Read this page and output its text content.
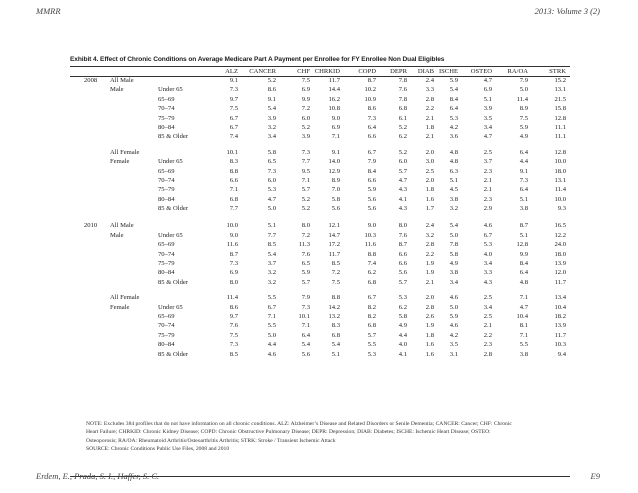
MMRR	2013: Volume 3 (2)
Exhibit 4. Effect of Chronic Conditions on Average Medicare Part A Payment per Enrollee for FY Enrollee Non Dual Eligibles
ALZ	CANCER	CHF CHRKID	COPD	DEPR	DIAB ISCHE	OSTEO	RA/OA	STRK
2008 All Male	9.1	5.2	7.5	11.7	8.7	7.8	2.4	5.9	4.7	7.9	15.2
Male	Under 65	7.3	8.6	6.9	14.4	10.2	7.6	3.3	5.4	6.9	5.0	13.1
65–69	9.7	9.1	9.9	16.2	10.9	7.8	2.8	8.4	5.1	11.4	21.5
70–74	7.5	5.4	7.2	10.8	8.6	6.8	2.2	6.4	3.9	8.9	15.8
75–79	6.7	3.9	6.0	9.0	7.3	6.1	2.1	5.3	3.5	7.5	12.8
80–84	6.7	3.2	5.2	6.9	6.4	5.2	1.8	4.2	3.4	5.9	11.1
85 & Older	7.4	3.4	3.9	7.1	6.6	6.2	2.1	3.6	4.7	4.9	11.1
All Female	10.1	5.8	7.3	9.1	6.7	5.2	2.0	4.8	2.5	6.4	12.8
Female	Under 65	8.3	6.5	7.7	14.0	7.9	6.0	3.0	4.8	3.7	4.4	10.0
65–69	8.8	7.3	9.5	12.9	8.4	5.7	2.5	6.3	2.3	9.1	18.0
70–74	6.6	6.0	7.1	8.9	6.6	4.7	2.0	5.1	2.1	7.3	13.1
75–79	7.1	5.3	5.7	7.0	5.9	4.3	1.8	4.5	2.1	6.4	11.4
80–84	6.8	4.7	5.2	5.8	5.6	4.1	1.6	3.8	2.3	5.1	10.0
85 & Older	7.7	5.0	5.2	5.6	5.6	4.3	1.7	3.2	2.9	3.8	9.3
2010 All Male	10.0	5.1	8.0	12.1	9.0	8.0	2.4	5.4	4.6	8.7	16.5
Male	Under 65	9.0	7.7	7.2	14.7	10.3	7.6	3.2	5.0	6.7	5.1	12.2
65–69	11.6	8.5	11.3	17.2	11.6	8.7	2.8	7.8	5.3	12.8	24.0
70–74	8.7	5.4	7.6	11.7	8.8	6.6	2.2	5.8	4.0	9.9	18.0
75–79	7.3	3.7	6.5	8.5	7.4	6.6	1.9	4.9	3.4	8.4	13.9
80–84	6.9	3.2	5.9	7.2	6.2	5.6	1.9	3.8	3.3	6.4	12.0
85 & Older	8.0	3.2	5.7	7.5	6.8	5.7	2.1	3.4	4.3	4.8	11.7
All Female	11.4	5.5	7.9	8.8	6.7	5.3	2.0	4.6	2.5	7.1	13.4
Female	Under 65	8.6	6.7	7.3	14.2	8.2	6.2	2.8	5.0	3.4	4.7	10.4
65–69	9.7	7.1	10.1	13.2	8.2	5.8	2.6	5.9	2.5	10.4	18.2
70–74	7.6	5.5	7.1	8.3	6.8	4.9	1.9	4.6	2.1	8.1	13.9
75–79	7.5	5.0	6.4	6.8	5.7	4.4	1.8	4.2	2.2	7.1	11.7
80–84	7.3	4.4	5.4	5.4	5.5	4.0	1.6	3.5	2.3	5.5	10.3
85 & Older	8.5	4.6	5.6	5.1	5.3	4.1	1.6	3.1	2.8	3.8	9.4
NOTE: Excludes 384 profiles that do not have information on all chronic conditions. ALZ: Alzheimer’s Disease and Related Disorders or Senile Dementia; CANCER: Cancer; CHF: Chronic
Heart Failure; CHRKID: Chronic Kidney Disease; COPD: Chronic Obstructive Pulmonary Disease; DEPR: Depression; DIAB: Diabetes; ISCHE: Ischemic Heart Disease; OSTEO:
Osteoporosis; RA/OA: Rheumatoid Arthritis/Osteoarthritis Arthritis; STRK: Stroke / Transient Ischemic Attack
SOURCE: Chronic Conditions Public Use Files, 2008 and 2010
Erdem, E., Prada, S. I., Haffer, S. C.	E9
